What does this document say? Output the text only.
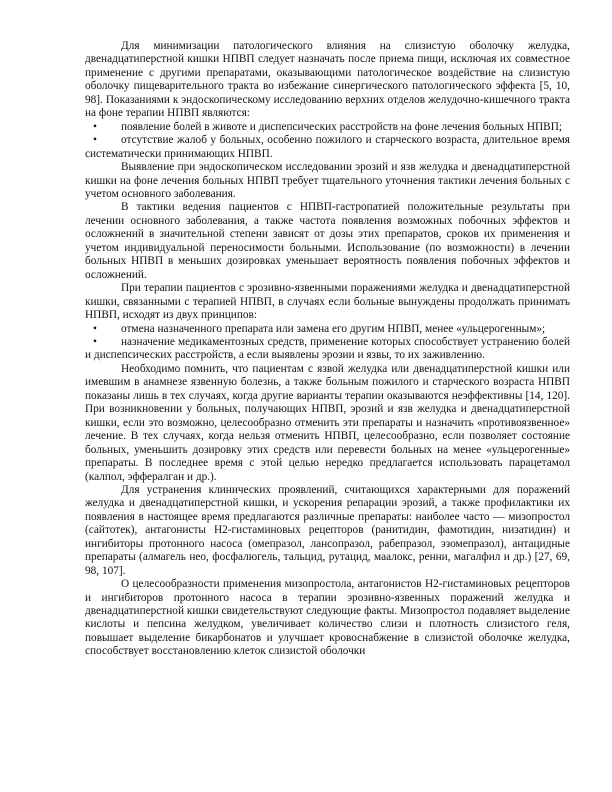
Для минимизации патологического влияния на слизистую оболочку желудка, двенадцатиперстной кишки НПВП следует назначать после приема пищи, исключая их совместное применение с другими препаратами, оказывающими патологическое воздействие на слизистую оболочку пищеварительного тракта во избежание синергического патологического эффекта [5, 10, 98]. Показаниями к эндоскопическому исследованию верхних отделов желудочно-кишечного тракта на фоне терапии НПВП являются:

• появление болей в животе и диспепсических расстройств на фоне лечения больных НПВП;
• отсутствие жалоб у больных, особенно пожилого и старческого возраста, длительное время систематически принимающих НПВП.

Выявление при эндоскопическом исследовании эрозий и язв желудка и двенадцатиперстной кишки на фоне лечения больных НПВП требует тщательного уточнения тактики лечения больных с учетом основного заболевания.

В тактики ведения пациентов с НПВП-гастропатией положительные результаты при лечении основного заболевания, а также частота появления возможных побочных эффектов и осложнений в значительной степени зависят от дозы этих препаратов, сроков их применения и учетом индивидуальной переносимости больными. Использование (по возможности) в лечении больных НПВП в меньших дозировках уменьшает вероятность появления побочных эффектов и осложнений.

При терапии пациентов с эрозивно-язвенными поражениями желудка и двенадцатиперстной кишки, связанными с терапией НПВП, в случаях если больные вынуждены продолжать принимать НПВП, исходят из двух принципов:

• отмена назначенного препарата или замена его другим НПВП, менее «ульцерогенным»;
• назначение медикаментозных средств, применение которых способствует устранению болей и диспепсических расстройств, а если выявлены эрозии и язвы, то их заживлению.

Необходимо помнить, что пациентам с язвой желудка или двенадцатиперстной кишки или имевшим в анамнезе язвенную болезнь, а также больным пожилого и старческого возраста НПВП показаны лишь в тех случаях, когда другие варианты терапии оказываются неэффективны [14, 120]. При возникновении у больных, получающих НПВП, эрозий и язв желудка и двенадцатиперстной кишки, если это возможно, целесообразно отменить эти препараты и назначить «противоязвенное» лечение. В тех случаях, когда нельзя отменить НПВП, целесообразно, если позволяет состояние больных, уменьшить дозировку этих средств или перевести больных на менее «ульцерогенные» препараты. В последнее время с этой целью нередко предлагается использовать парацетамол (калпол, эффералган и др.).

Для устранения клинических проявлений, считающихся характерными для поражений желудка и двенадцатиперстной кишки, и ускорения репарации эрозий, а также профилактики их появления в настоящее время предлагаются различные препараты: наиболее часто — мизопростол (сайтотек), антагонисты Н2-гистаминовых рецепторов (ранитидин, фамотидин, низатидин) и ингибиторы протонного насоса (омепразол, лансопразол, рабепразол, эзомепразол), антацидные препараты (алмагель нео, фосфалюгель, тальцид, рутацид, маалокс, ренни, магалфил и др.) [27, 69, 98, 107].

О целесообразности применения мизопростола, антагонистов Н2-гистаминовых рецепторов и ингибиторов протонного насоса в терапии эрозивно-язвенных поражений желудка и двенадцатиперстной кишки свидетельствуют следующие факты. Мизопростол подавляет выделение кислоты и пепсина желудком, увеличивает количество слизи и плотность слизистого геля, повышает выделение бикарбонатов и улучшает кровоснабжение в слизистой оболочке желудка, способствует восстановлению клеток слизистой оболочки
